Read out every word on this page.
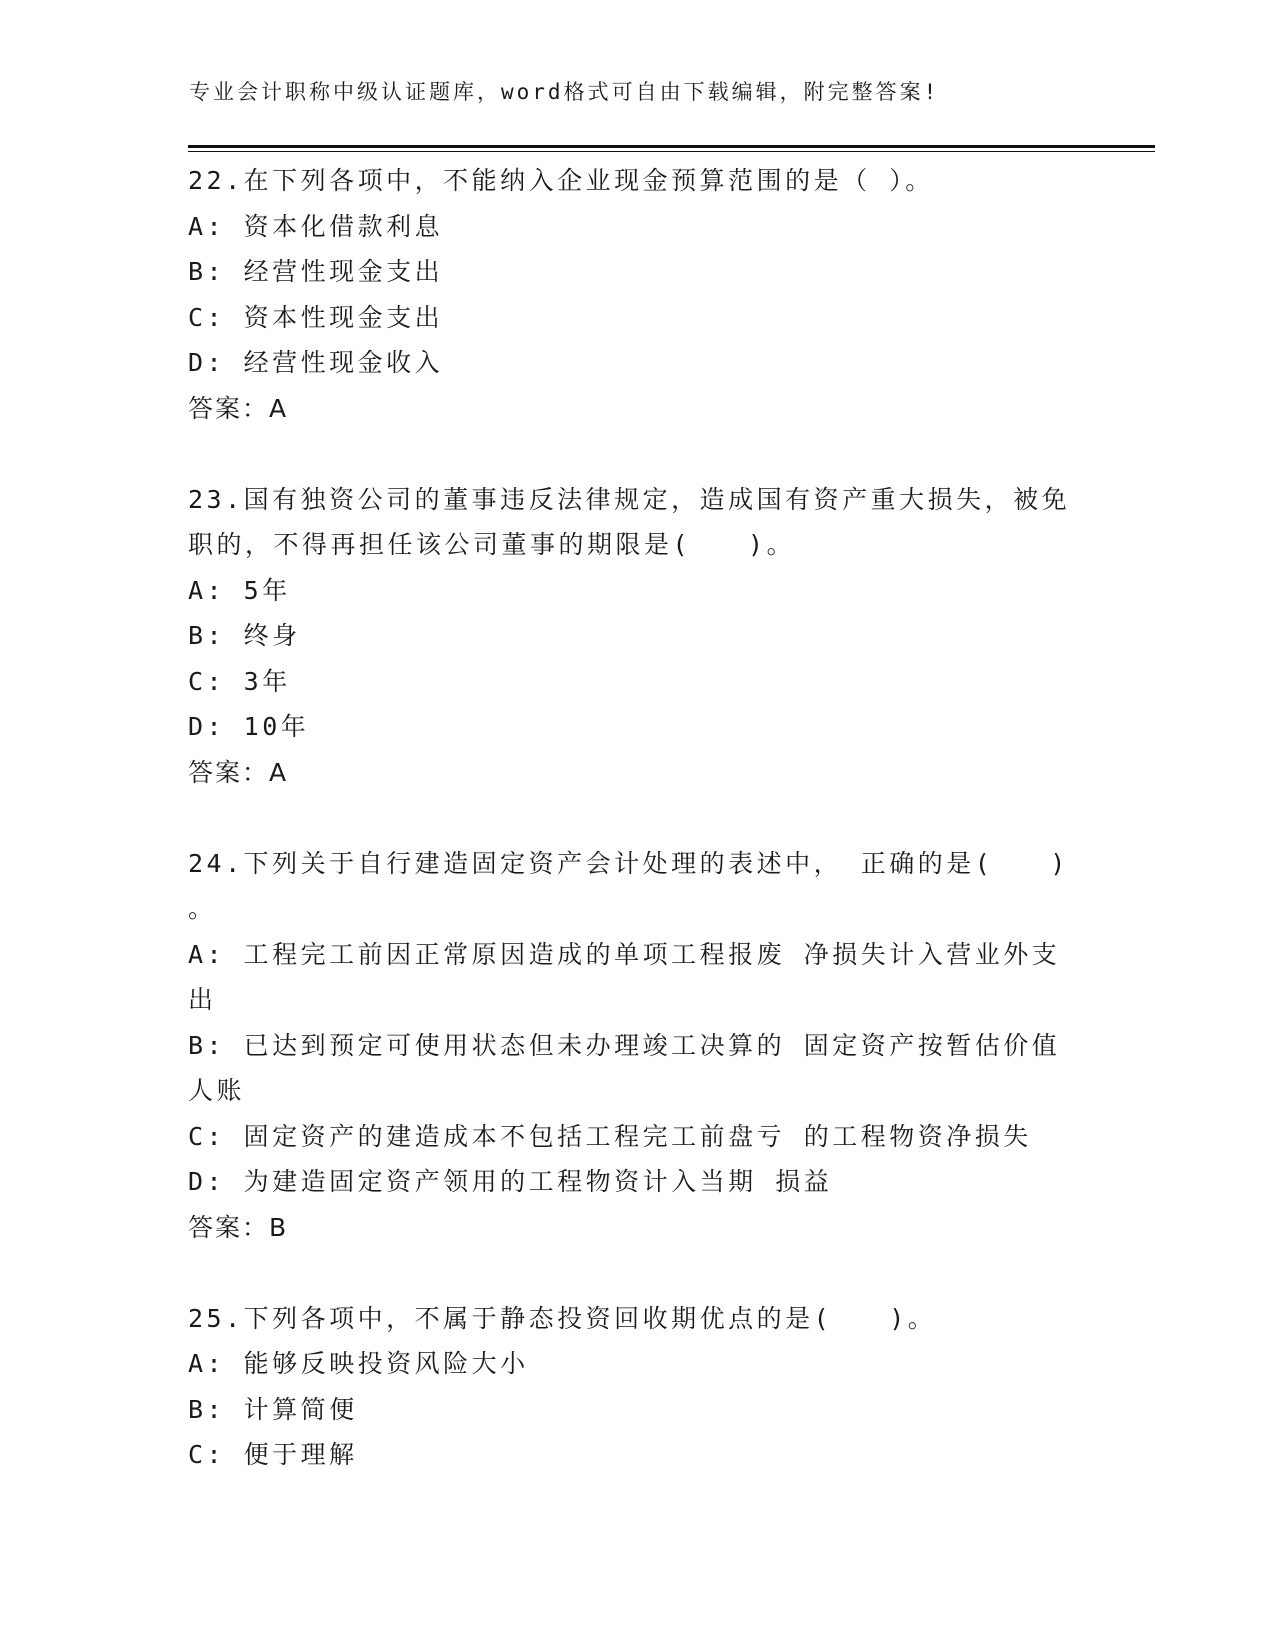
专业会计职称中级认证题库，word格式可自由下载编辑，附完整答案!
22.在下列各项中，不能纳入企业现金预算范围的是（ ）。
A: 资本化借款利息
B: 经营性现金支出
C: 资本性现金支出
D: 经营性现金收入
答案：A
23.国有独资公司的董事违反法律规定，造成国有资产重大损失，被免
职的，不得再担任该公司董事的期限是(　　)。
A: 5年
B: 终身
C: 3年
D: 10年
答案：A
24.下列关于自行建造固定资产会计处理的表述中， 正确的是(　　)
。
A: 工程完工前因正常原因造成的单项工程报废 净损失计入营业外支
出
B: 已达到预定可使用状态但未办理竣工决算的 固定资产按暂估价值
人账
C: 固定资产的建造成本不包括工程完工前盘亏 的工程物资净损失
D: 为建造固定资产领用的工程物资计入当期 损益
答案：B
25.下列各项中，不属于静态投资回收期优点的是(　　)。
A: 能够反映投资风险大小
B: 计算简便
C: 便于理解
